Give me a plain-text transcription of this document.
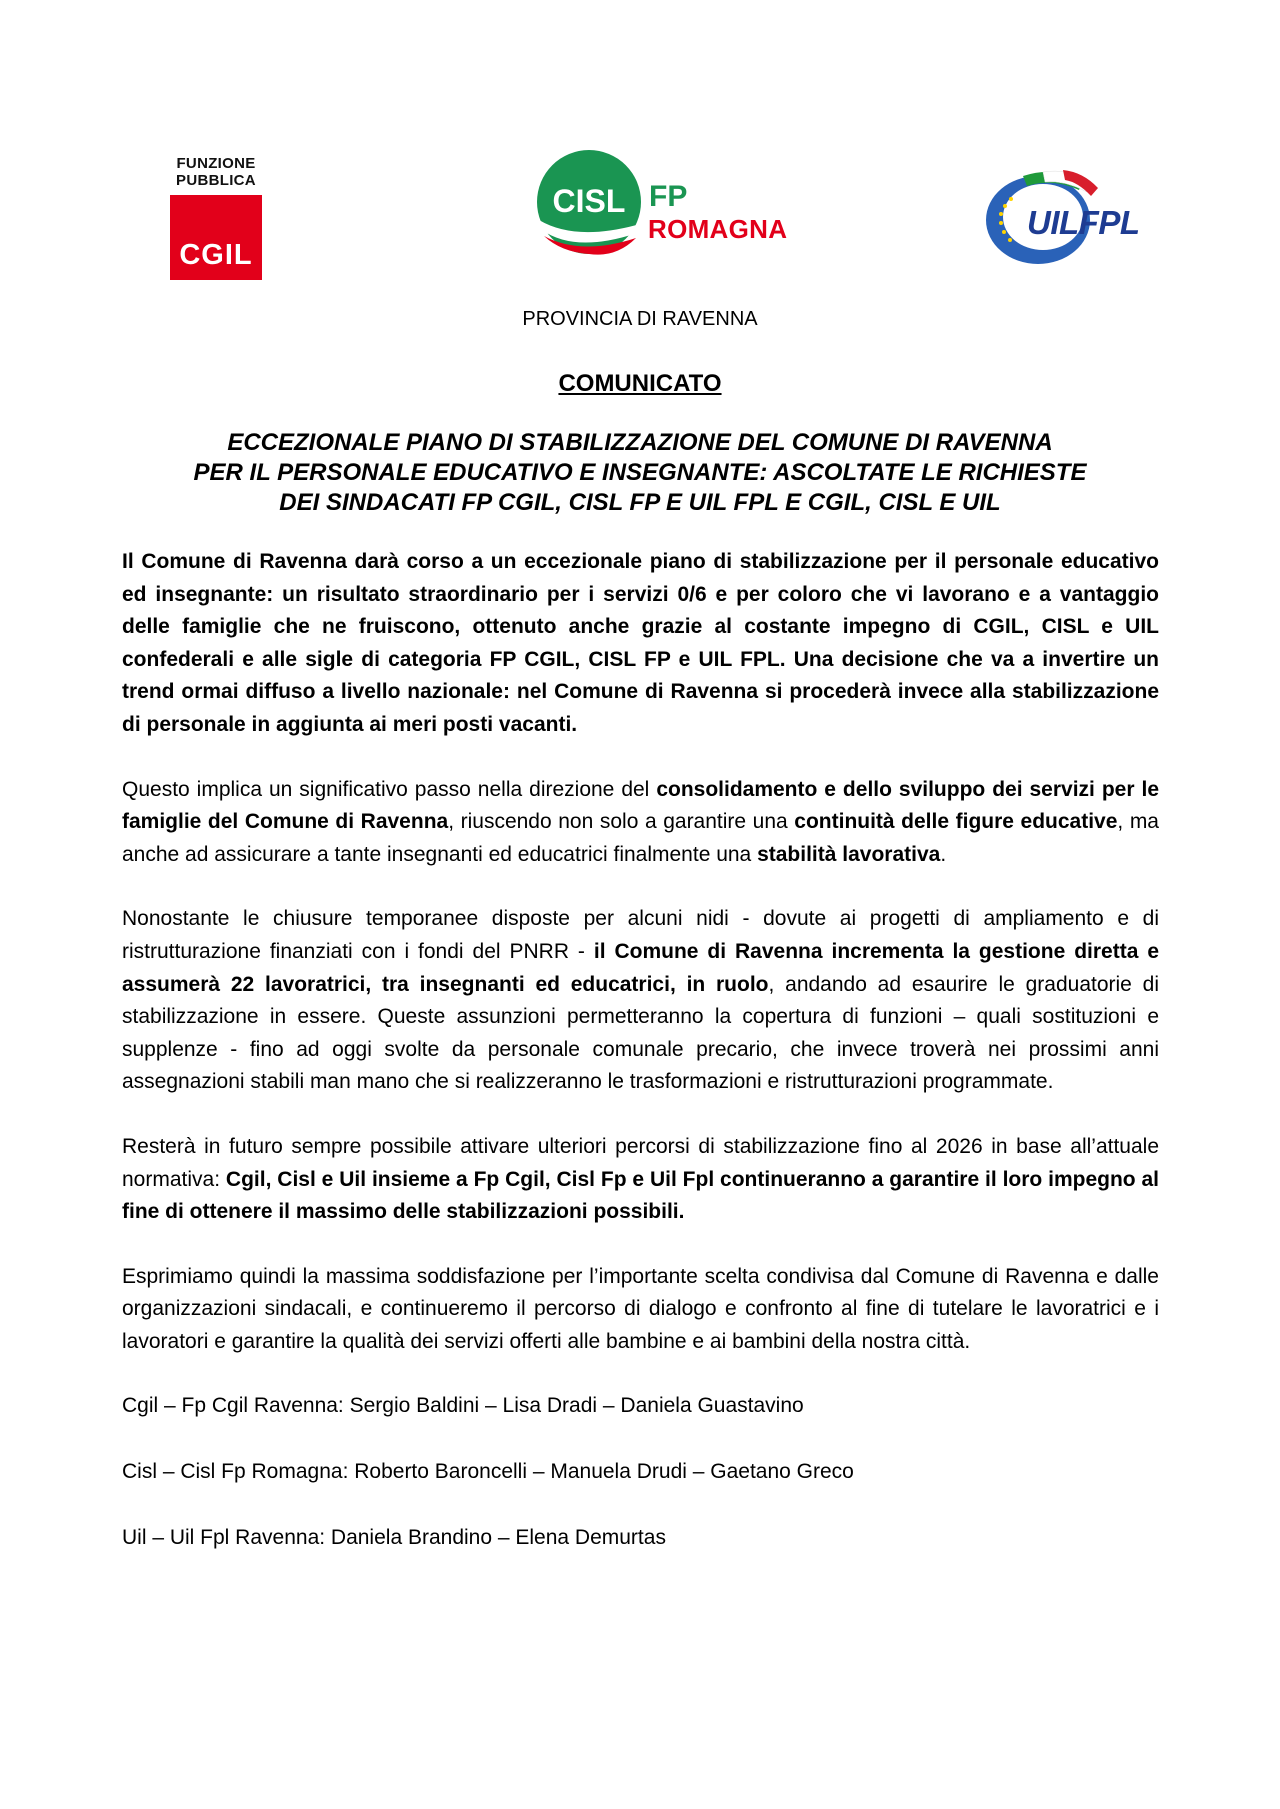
FUNZIONE
PUBBLICA
CGIL
CISL FP
ROMAGNA	UILFPL
PROVINCIA DI RAVENNA
COMUNICATO
ECCEZIONALE PIANO DI STABILIZZAZIONE DEL COMUNE DI RAVENNA
PER IL PERSONALE EDUCATIVO E INSEGNANTE: ASCOLTATE LE RICHIESTE
DEI SINDACATI FP CGIL, CISL FP E UIL FPL E CGIL, CISL E UIL

Il Comune di Ravenna darà corso a un eccezionale piano di stabilizzazione per il personale educativo ed insegnante: un risultato straordinario per i servizi 0/6 e per coloro che vi lavorano e a vantaggio delle famiglie che ne fruiscono, ottenuto anche grazie al costante impegno di CGIL, CISL e UIL confederali e alle sigle di categoria FP CGIL, CISL FP e UIL FPL. Una decisione che va a invertire un trend ormai diffuso a livello nazionale: nel Comune di Ravenna si procederà invece alla stabilizzazione di personale in aggiunta ai meri posti vacanti.

Questo implica un significativo passo nella direzione del consolidamento e dello sviluppo dei servizi per le famiglie del Comune di Ravenna, riuscendo non solo a garantire una continuità delle figure educative, ma anche ad assicurare a tante insegnanti ed educatrici finalmente una stabilità lavorativa.

Nonostante le chiusure temporanee disposte per alcuni nidi - dovute ai progetti di ampliamento e di ristrutturazione finanziati con i fondi del PNRR - il Comune di Ravenna incrementa la gestione diretta e assumerà 22 lavoratrici, tra insegnanti ed educatrici, in ruolo, andando ad esaurire le graduatorie di stabilizzazione in essere. Queste assunzioni permetteranno la copertura di funzioni – quali sostituzioni e supplenze - fino ad oggi svolte da personale comunale precario, che invece troverà nei prossimi anni assegnazioni stabili man mano che si realizzeranno le trasformazioni e ristrutturazioni programmate.

Resterà in futuro sempre possibile attivare ulteriori percorsi di stabilizzazione fino al 2026 in base all’attuale normativa: Cgil, Cisl e Uil insieme a Fp Cgil, Cisl Fp e Uil Fpl continueranno a garantire il loro impegno al fine di ottenere il massimo delle stabilizzazioni possibili.

Esprimiamo quindi la massima soddisfazione per l’importante scelta condivisa dal Comune di Ravenna e dalle organizzazioni sindacali, e continueremo il percorso di dialogo e confronto al fine di tutelare le lavoratrici e i lavoratori e garantire la qualità dei servizi offerti alle bambine e ai bambini della nostra città.

Cgil – Fp Cgil Ravenna: Sergio Baldini – Lisa Dradi – Daniela Guastavino

Cisl – Cisl Fp Romagna: Roberto Baroncelli – Manuela Drudi – Gaetano Greco

Uil – Uil Fpl Ravenna: Daniela Brandino – Elena Demurtas
